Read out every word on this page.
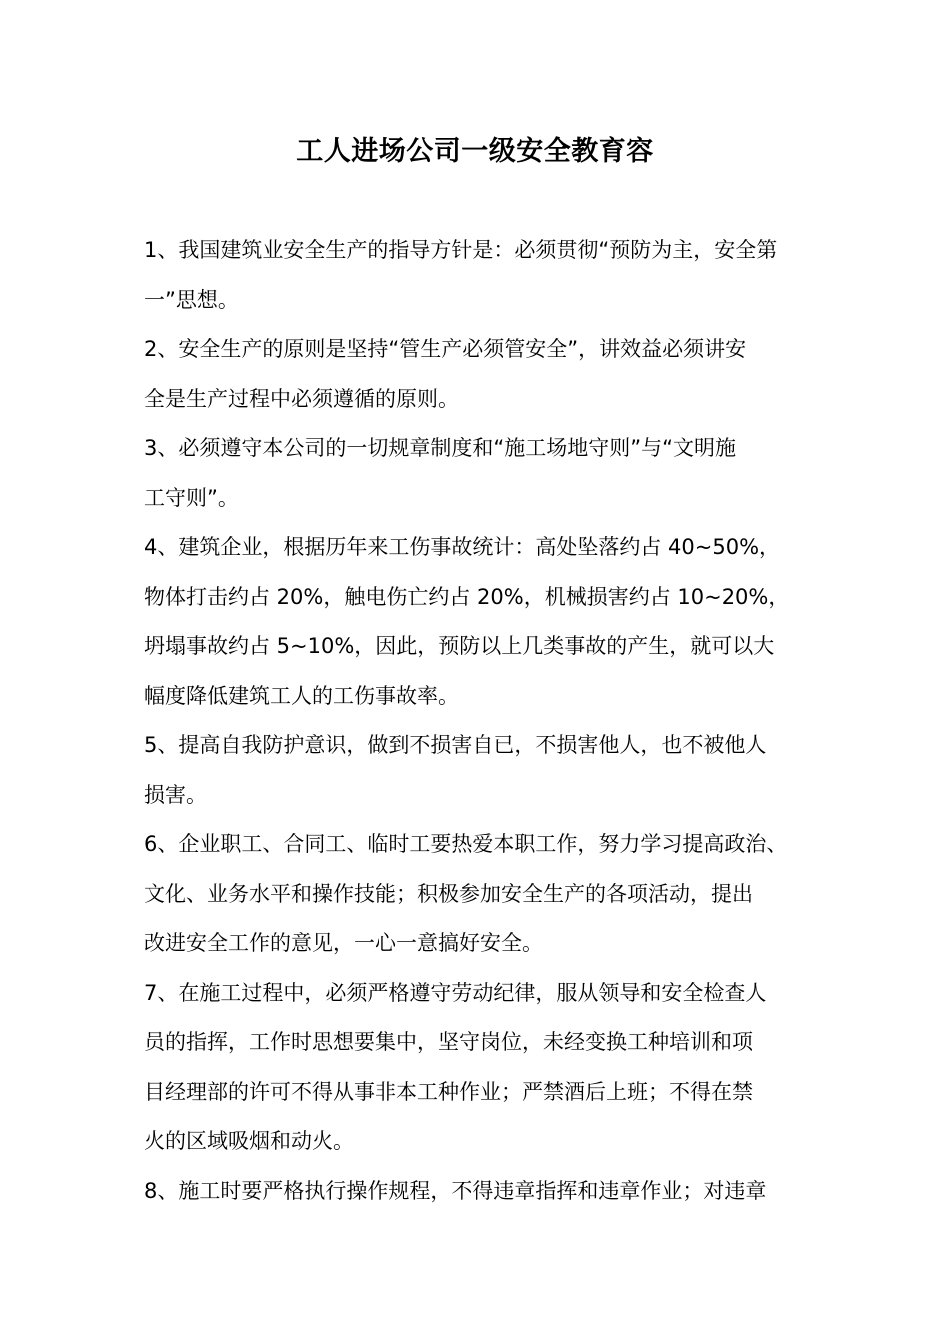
工人进场公司一级安全教育容

1、我国建筑业安全生产的指导方针是：必须贯彻“预防为主，安全第
一”思想。

2、安全生产的原则是坚持“管生产必须管安全”，讲效益必须讲安
全是生产过程中必须遵循的原则。

3、必须遵守本公司的一切规章制度和“施工场地守则”与“文明施
工守则”。

4、建筑企业，根据历年来工伤事故统计：高处坠落约占 40~50%，
物体打击约占 20%，触电伤亡约占 20%，机械损害约占 10~20%，
坍塌事故约占 5~10%，因此，预防以上几类事故的产生，就可以大
幅度降低建筑工人的工伤事故率。

5、提高自我防护意识，做到不损害自已，不损害他人，也不被他人
损害。

6、企业职工、合同工、临时工要热爱本职工作，努力学习提高政治、
文化、业务水平和操作技能；积极参加安全生产的各项活动，提出
改进安全工作的意见，一心一意搞好安全。

7、在施工过程中，必须严格遵守劳动纪律，服从领导和安全检查人
员的指挥，工作时思想要集中，坚守岗位，未经变换工种培训和项
目经理部的许可不得从事非本工种作业；严禁酒后上班；不得在禁
火的区域吸烟和动火。

8、施工时要严格执行操作规程，不得违章指挥和违章作业；对违章
